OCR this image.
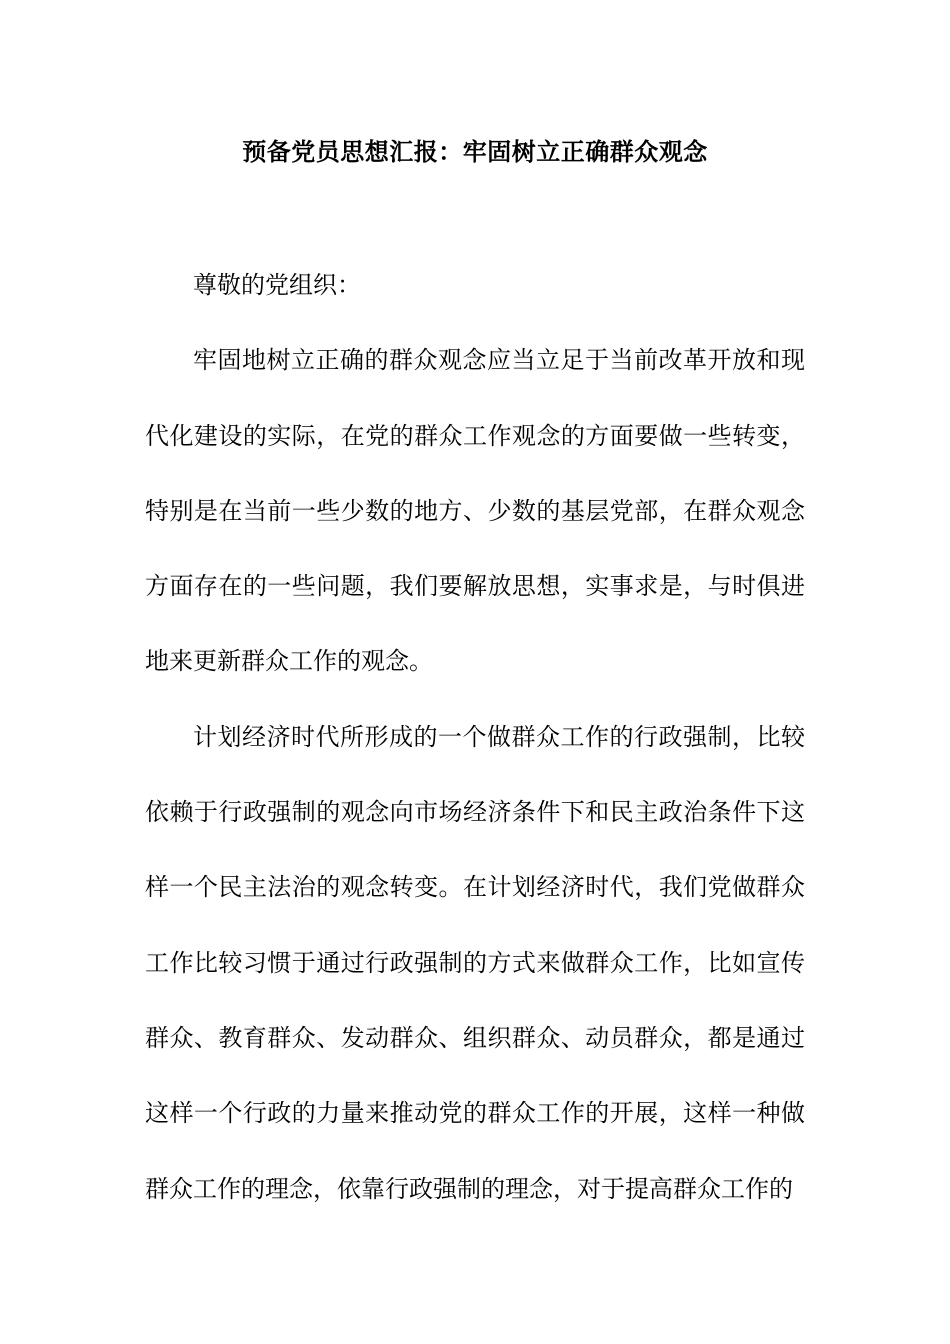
预备党员思想汇报：牢固树立正确群众观念

尊敬的党组织：

牢固地树立正确的群众观念应当立足于当前改革开放和现代化建设的实际，在党的群众工作观念的方面要做一些转变，特别是在当前一些少数的地方、少数的基层党部，在群众观念方面存在的一些问题，我们要解放思想，实事求是，与时俱进地来更新群众工作的观念。

计划经济时代所形成的一个做群众工作的行政强制，比较依赖于行政强制的观念向市场经济条件下和民主政治条件下这样一个民主法治的观念转变。在计划经济时代，我们党做群众工作比较习惯于通过行政强制的方式来做群众工作，比如宣传群众、教育群众、发动群众、组织群众、动员群众，都是通过这样一个行政的力量来推动党的群众工作的开展，这样一种做群众工作的理念，依靠行政强制的理念，对于提高群众工作的
